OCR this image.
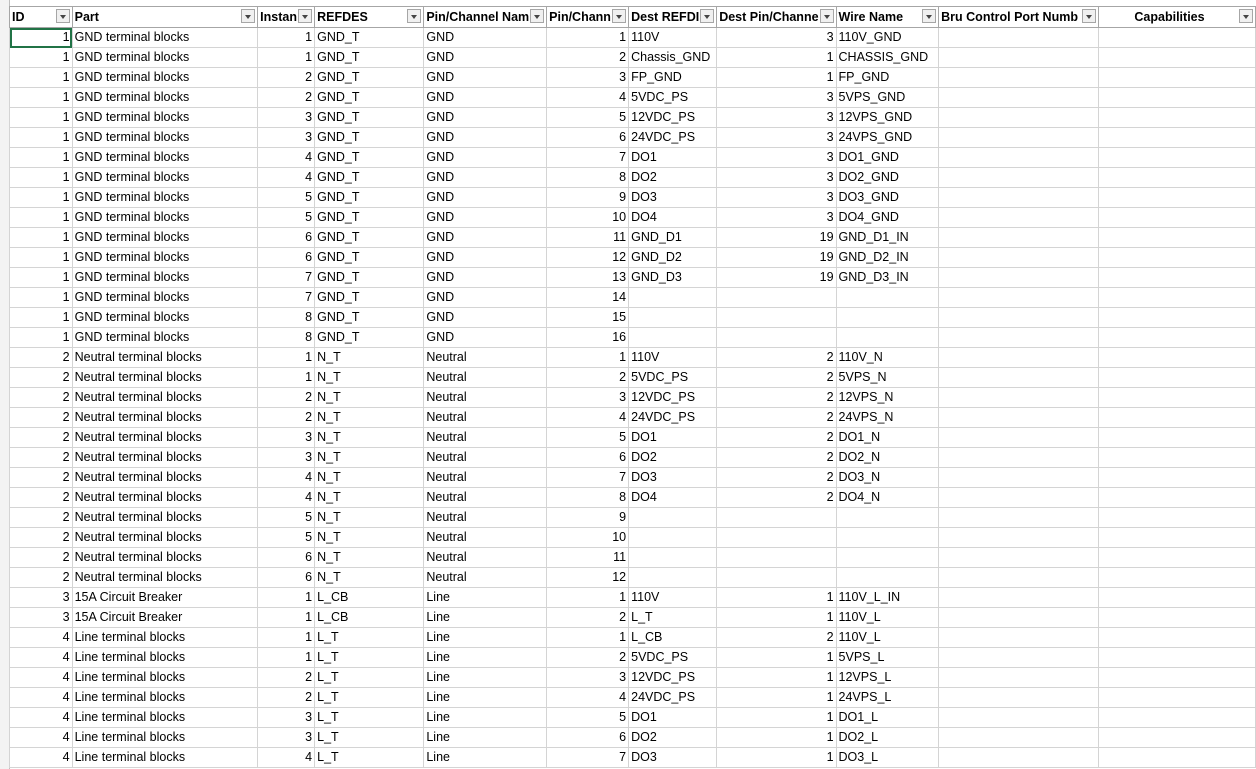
ID	Part	Instan	REFDES	Pin/Channel Nam	Pin/Chann	Dest REFDI	Dest Pin/Channe	Wire Name	Bru Control Port Numb	Capabilities

1	GND terminal blocks	1	GND_T	GND	1	110V	3	110V_GND		
1	GND terminal blocks	1	GND_T	GND	2	Chassis_GND	1	CHASSIS_GND		
1	GND terminal blocks	2	GND_T	GND	3	FP_GND	1	FP_GND		
1	GND terminal blocks	2	GND_T	GND	4	5VDC_PS	3	5VPS_GND		
1	GND terminal blocks	3	GND_T	GND	5	12VDC_PS	3	12VPS_GND		
1	GND terminal blocks	3	GND_T	GND	6	24VDC_PS	3	24VPS_GND		
1	GND terminal blocks	4	GND_T	GND	7	DO1	3	DO1_GND		
1	GND terminal blocks	4	GND_T	GND	8	DO2	3	DO2_GND		
1	GND terminal blocks	5	GND_T	GND	9	DO3	3	DO3_GND		
1	GND terminal blocks	5	GND_T	GND	10	DO4	3	DO4_GND		
1	GND terminal blocks	6	GND_T	GND	11	GND_D1	19	GND_D1_IN		
1	GND terminal blocks	6	GND_T	GND	12	GND_D2	19	GND_D2_IN		
1	GND terminal blocks	7	GND_T	GND	13	GND_D3	19	GND_D3_IN		
1	GND terminal blocks	7	GND_T	GND	14					
1	GND terminal blocks	8	GND_T	GND	15					
1	GND terminal blocks	8	GND_T	GND	16					
2	Neutral terminal blocks	1	N_T	Neutral	1	110V	2	110V_N		
2	Neutral terminal blocks	1	N_T	Neutral	2	5VDC_PS	2	5VPS_N		
2	Neutral terminal blocks	2	N_T	Neutral	3	12VDC_PS	2	12VPS_N		
2	Neutral terminal blocks	2	N_T	Neutral	4	24VDC_PS	2	24VPS_N		
2	Neutral terminal blocks	3	N_T	Neutral	5	DO1	2	DO1_N		
2	Neutral terminal blocks	3	N_T	Neutral	6	DO2	2	DO2_N		
2	Neutral terminal blocks	4	N_T	Neutral	7	DO3	2	DO3_N		
2	Neutral terminal blocks	4	N_T	Neutral	8	DO4	2	DO4_N		
2	Neutral terminal blocks	5	N_T	Neutral	9					
2	Neutral terminal blocks	5	N_T	Neutral	10					
2	Neutral terminal blocks	6	N_T	Neutral	11					
2	Neutral terminal blocks	6	N_T	Neutral	12					
3	15A Circuit Breaker	1	L_CB	Line	1	110V	1	110V_L_IN		
3	15A Circuit Breaker	1	L_CB	Line	2	L_T	1	110V_L		
4	Line terminal blocks	1	L_T	Line	1	L_CB	2	110V_L		
4	Line terminal blocks	1	L_T	Line	2	5VDC_PS	1	5VPS_L		
4	Line terminal blocks	2	L_T	Line	3	12VDC_PS	1	12VPS_L		
4	Line terminal blocks	2	L_T	Line	4	24VDC_PS	1	24VPS_L		
4	Line terminal blocks	3	L_T	Line	5	DO1	1	DO1_L		
4	Line terminal blocks	3	L_T	Line	6	DO2	1	DO2_L		
4	Line terminal blocks	4	L_T	Line	7	DO3	1	DO3_L		
